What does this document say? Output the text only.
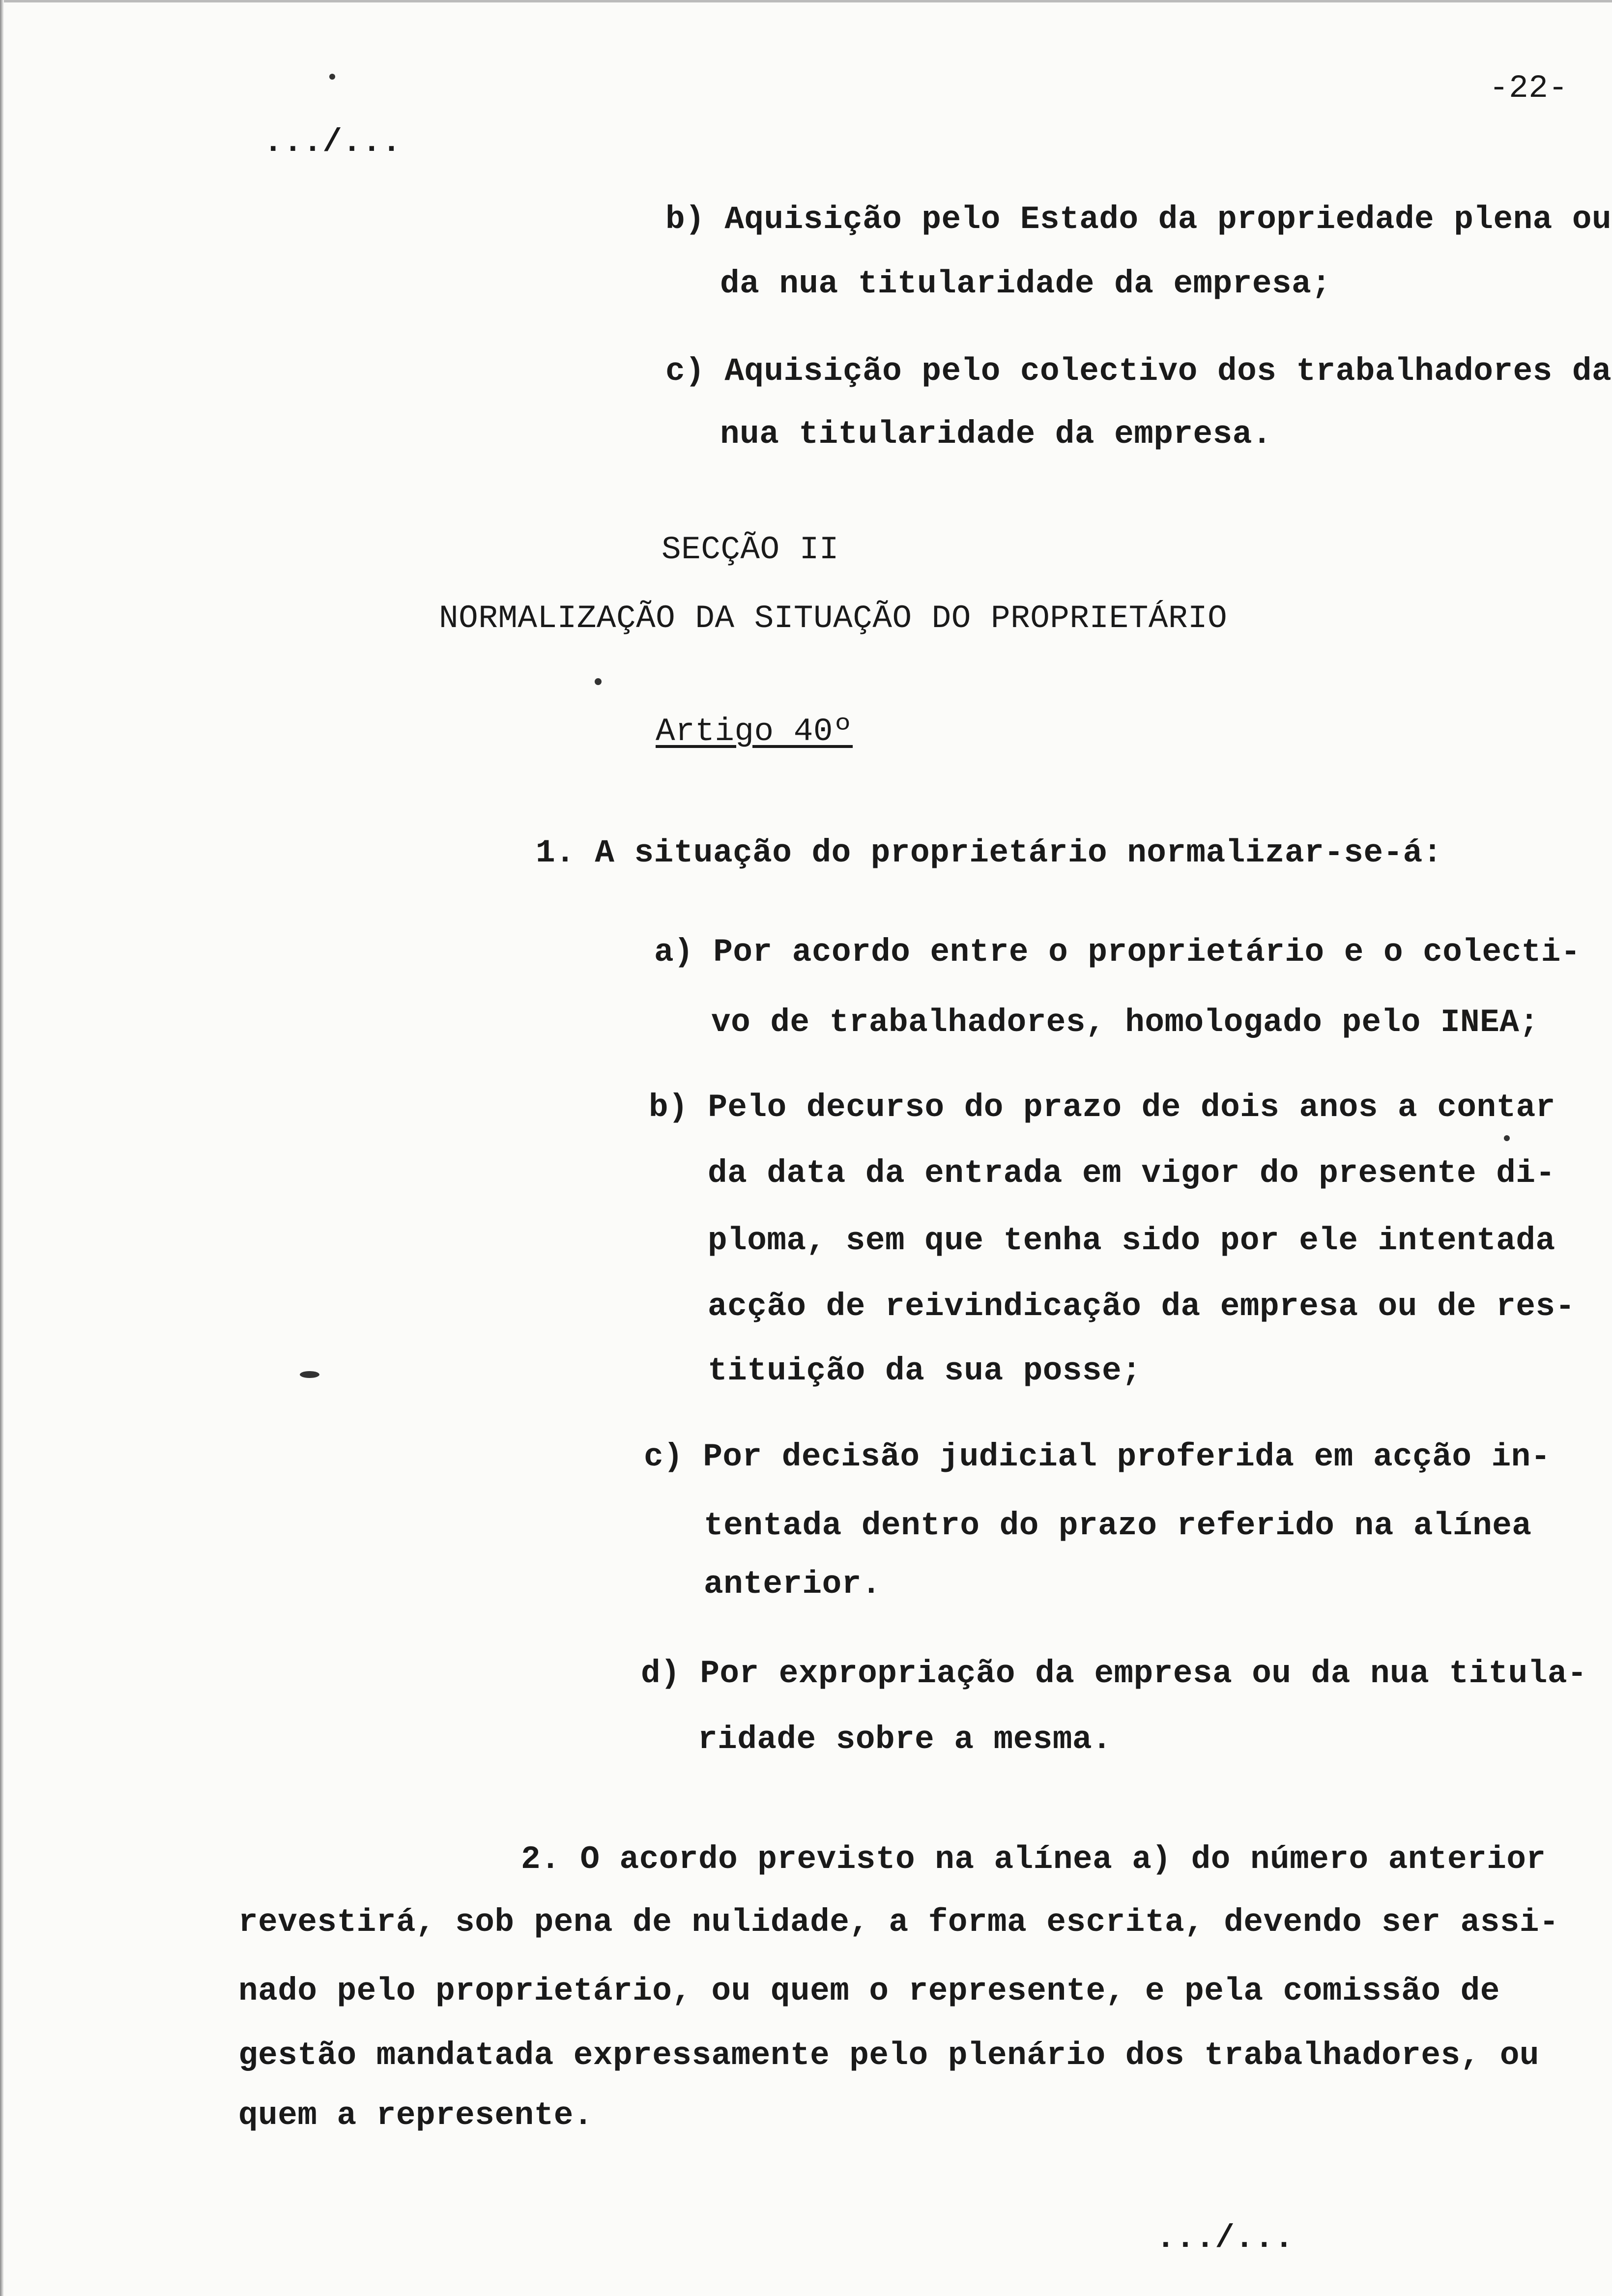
-22-
.../...
b) Aquisição pelo Estado da propriedade plena ou
da nua titularidade da empresa;
c) Aquisição pelo colectivo dos trabalhadores da
nua titularidade da empresa.
SECÇÃO II
NORMALIZAÇÃO DA SITUAÇÃO DO PROPRIETÁRIO
Artigo 40º
1. A situação do proprietário normalizar-se-á:
a) Por acordo entre o proprietário e o colecti-
vo de trabalhadores, homologado pelo INEA;
b) Pelo decurso do prazo de dois anos a contar
da data da entrada em vigor do presente di-
ploma, sem que tenha sido por ele intentada
acção de reivindicação da empresa ou de res-
tituição da sua posse;
c) Por decisão judicial proferida em acção in-
tentada dentro do prazo referido na alínea
anterior.
d) Por expropriação da empresa ou da nua titula-
ridade sobre a mesma.
2. O acordo previsto na alínea a) do número anterior
revestirá, sob pena de nulidade, a forma escrita, devendo ser assi-
nado pelo proprietário, ou quem o represente, e pela comissão de
gestão mandatada expressamente pelo plenário dos trabalhadores, ou
quem a represente.
.../...
